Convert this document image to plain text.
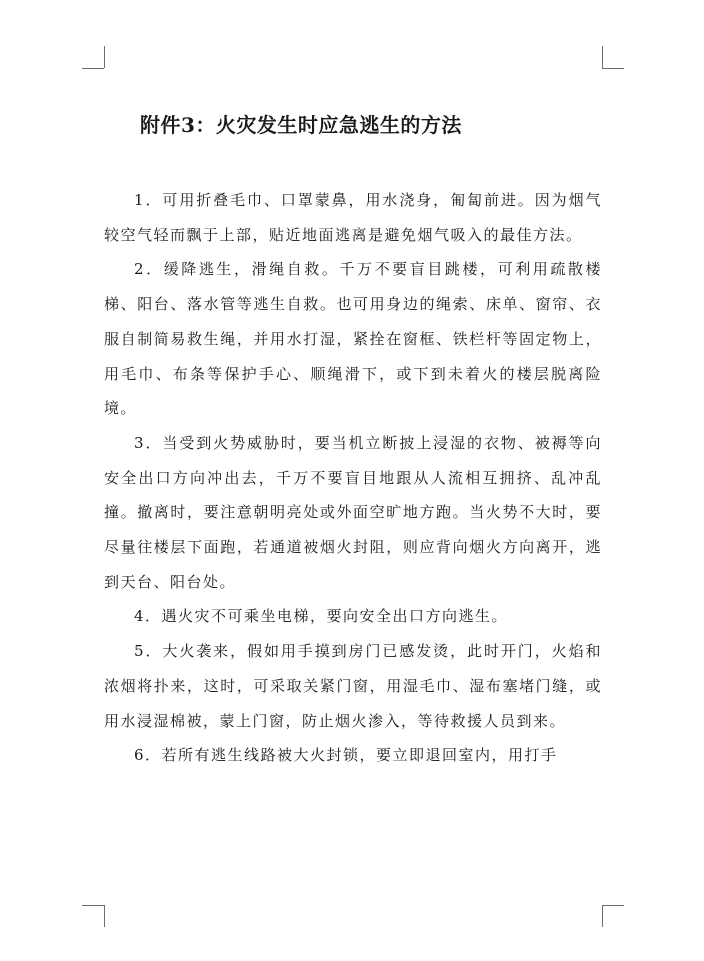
附件3：火灾发生时应急逃生的方法

1．可用折叠毛巾、口罩蒙鼻，用水浇身，匍匐前进。因为烟气较空气轻而飘于上部，贴近地面逃离是避免烟气吸入的最佳方法。

2．缓降逃生，滑绳自救。千万不要盲目跳楼，可利用疏散楼梯、阳台、落水管等逃生自救。也可用身边的绳索、床单、窗帘、衣服自制简易救生绳，并用水打湿，紧拴在窗框、铁栏杆等固定物上，用毛巾、布条等保护手心、顺绳滑下，或下到未着火的楼层脱离险境。

3．当受到火势威胁时，要当机立断披上浸湿的衣物、被褥等向安全出口方向冲出去，千万不要盲目地跟从人流相互拥挤、乱冲乱撞。撤离时，要注意朝明亮处或外面空旷地方跑。当火势不大时，要尽量往楼层下面跑，若通道被烟火封阻，则应背向烟火方向离开，逃到天台、阳台处。

4．遇火灾不可乘坐电梯，要向安全出口方向逃生。

5．大火袭来，假如用手摸到房门已感发烫，此时开门，火焰和浓烟将扑来，这时，可采取关紧门窗，用湿毛巾、湿布塞堵门缝，或用水浸湿棉被，蒙上门窗，防止烟火渗入，等待救援人员到来。

6．若所有逃生线路被大火封锁，要立即退回室内，用打手
